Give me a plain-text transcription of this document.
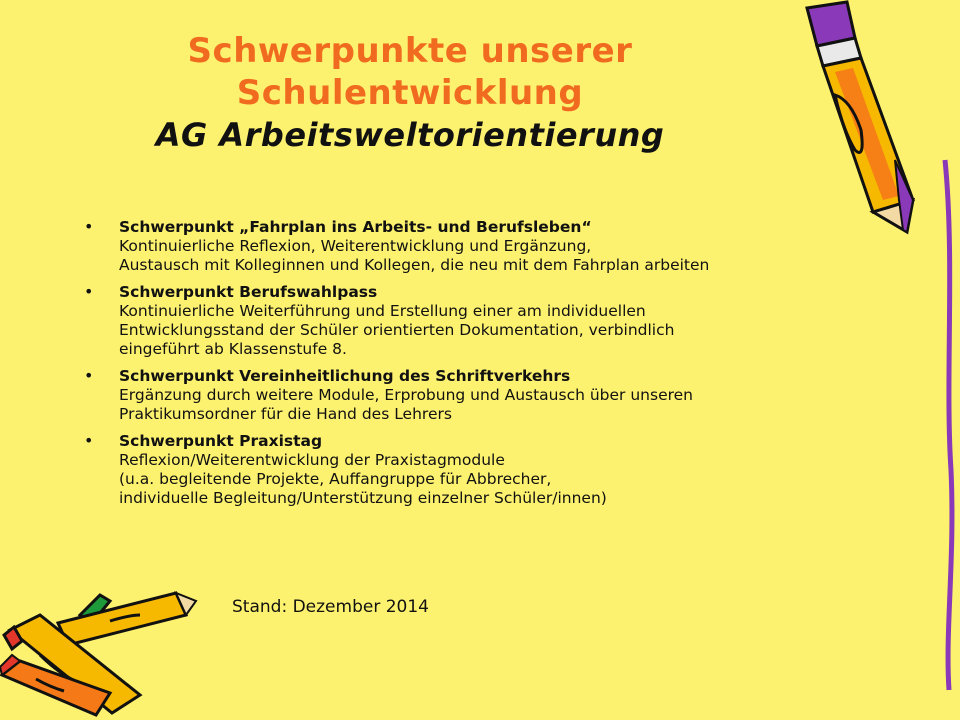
Schwerpunkte unserer
Schulentwicklung
AG Arbeitsweltorientierung
• Schwerpunkt „Fahrplan ins Arbeits- und Berufsleben“
Kontinuierliche Reflexion, Weiterentwicklung und Ergänzung,
Austausch mit Kolleginnen und Kollegen, die neu mit dem Fahrplan arbeiten
• Schwerpunkt Berufswahlpass
Kontinuierliche Weiterführung und Erstellung einer am individuellen
Entwicklungsstand der Schüler orientierten Dokumentation, verbindlich
eingeführt ab Klassenstufe 8.
• Schwerpunkt Vereinheitlichung des Schriftverkehrs
Ergänzung durch weitere Module, Erprobung und Austausch über unseren
Praktikumsordner für die Hand des Lehrers
• Schwerpunkt Praxistag
Reflexion/Weiterentwicklung der Praxistagmodule
(u.a. begleitende Projekte, Auffangruppe für Abbrecher,
individuelle Begleitung/Unterstützung einzelner Schüler/innen)
Stand: Dezember 2014
